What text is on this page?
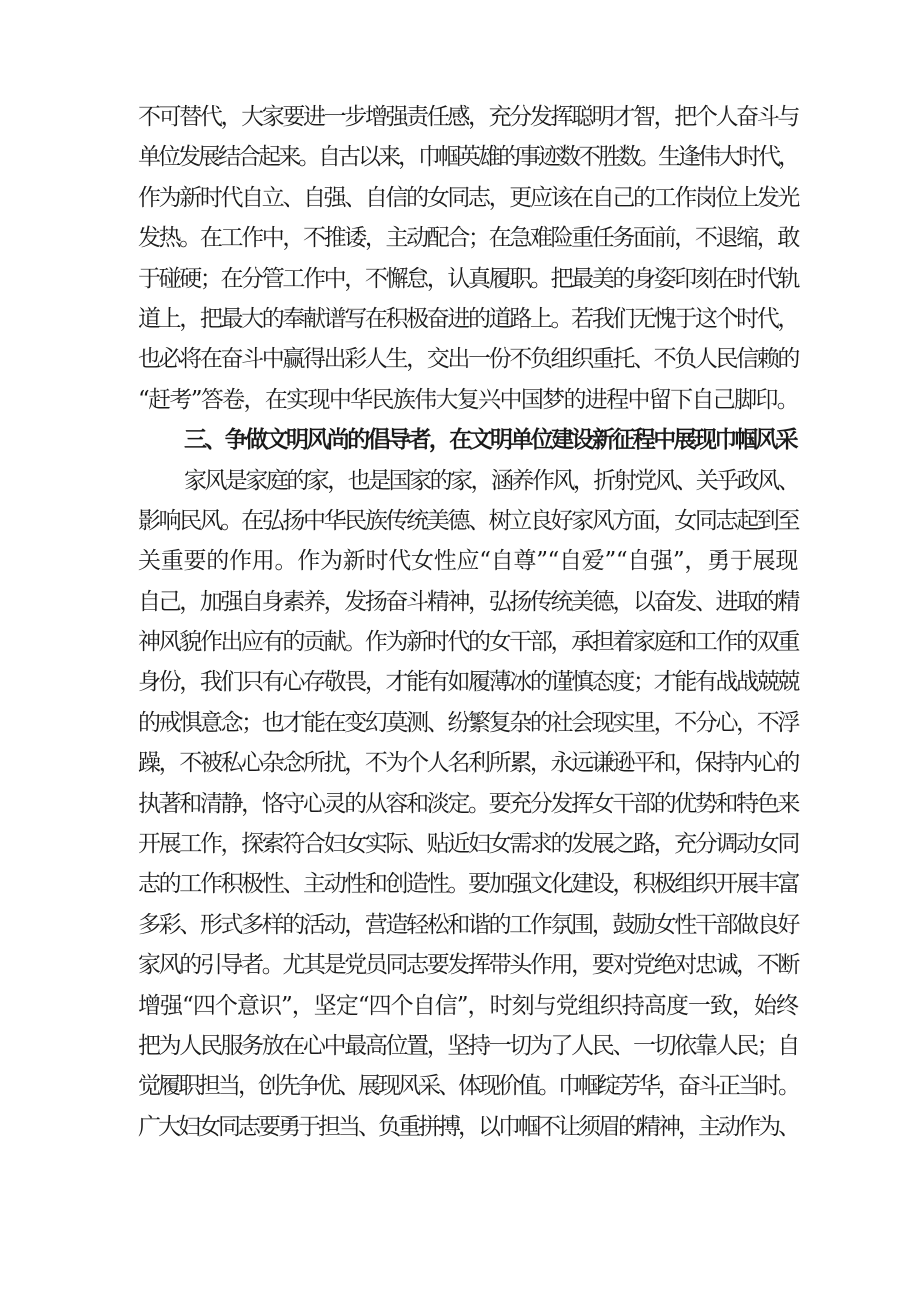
不可替代，大家要进一步增强责任感，充分发挥聪明才智，把个人奋斗与
单位发展结合起来。自古以来，巾帼英雄的事迹数不胜数。生逢伟大时代，
作为新时代自立、自强、自信的女同志，更应该在自己的工作岗位上发光
发热。在工作中，不推诿，主动配合；在急难险重任务面前，不退缩，敢
于碰硬；在分管工作中，不懈怠，认真履职。把最美的身姿印刻在时代轨
道上，把最大的奉献谱写在积极奋进的道路上。若我们无愧于这个时代，
也必将在奋斗中赢得出彩人生，交出一份不负组织重托、不负人民信赖的
“赶考”答卷，在实现中华民族伟大复兴中国梦的进程中留下自己脚印。
三、争做文明风尚的倡导者，在文明单位建设新征程中展现巾帼风采
家风是家庭的家，也是国家的家，涵养作风，折射党风、关乎政风、
影响民风。在弘扬中华民族传统美德、树立良好家风方面，女同志起到至
关重要的作用。作为新时代女性应“自尊”“自爱”“自强”，勇于展现
自己，加强自身素养，发扬奋斗精神，弘扬传统美德，以奋发、进取的精
神风貌作出应有的贡献。作为新时代的女干部，承担着家庭和工作的双重
身份，我们只有心存敬畏，才能有如履薄冰的谨慎态度；才能有战战兢兢
的戒惧意念；也才能在变幻莫测、纷繁复杂的社会现实里，不分心，不浮
躁，不被私心杂念所扰，不为个人名利所累，永远谦逊平和，保持内心的
执著和清静，恪守心灵的从容和淡定。要充分发挥女干部的优势和特色来
开展工作，探索符合妇女实际、贴近妇女需求的发展之路，充分调动女同
志的工作积极性、主动性和创造性。要加强文化建设，积极组织开展丰富
多彩、形式多样的活动，营造轻松和谐的工作氛围，鼓励女性干部做良好
家风的引导者。尤其是党员同志要发挥带头作用，要对党绝对忠诚，不断
增强“四个意识”，坚定“四个自信”，时刻与党组织持高度一致，始终
把为人民服务放在心中最高位置，坚持一切为了人民、一切依靠人民；自
觉履职担当，创先争优、展现风采、体现价值。巾帼绽芳华，奋斗正当时。
广大妇女同志要勇于担当、负重拼搏，以巾帼不让须眉的精神，主动作为、
